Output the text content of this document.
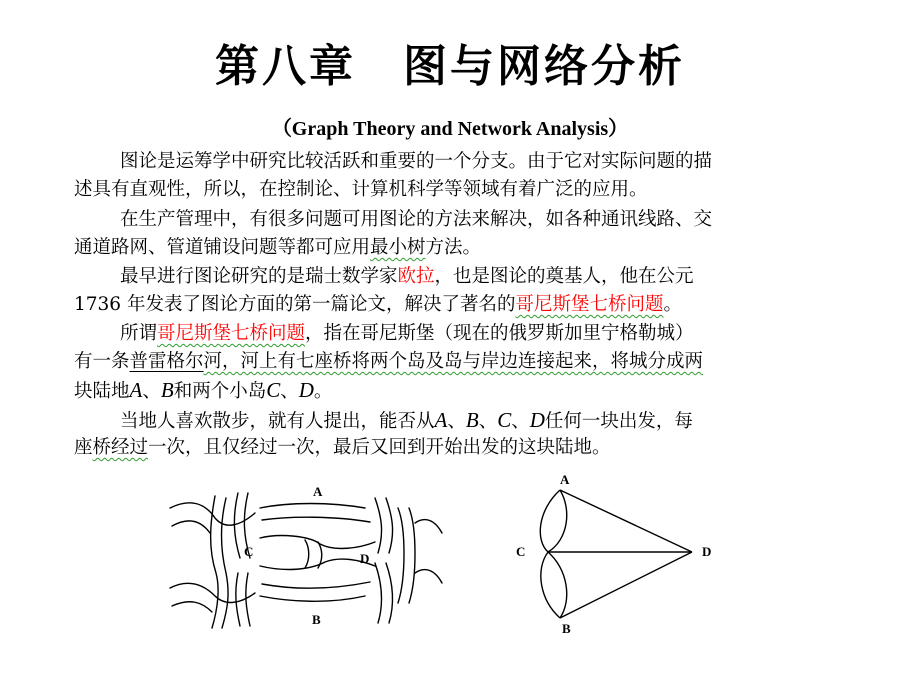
第八章　图与网络分析
（Graph Theory and Network Analysis）
图论是运筹学中研究比较活跃和重要的一个分支。由于它对实际问题的描
述具有直观性，所以，在控制论、计算机科学等领域有着广泛的应用。
在生产管理中，有很多问题可用图论的方法来解决，如各种通讯线路、交
通道路网、管道铺设问题等都可应用最小树方法。
最早进行图论研究的是瑞士数学家欧拉，也是图论的奠基人，他在公元
1736 年发表了图论方面的第一篇论文，解决了著名的哥尼斯堡七桥问题。
所谓哥尼斯堡七桥问题，指在哥尼斯堡（现在的俄罗斯加里宁格勒城）
有一条普雷格尔河，河上有七座桥将两个岛及岛与岸边连接起来，将城分成两
块陆地A、B和两个小岛C、D。
当地人喜欢散步，就有人提出，能否从A、B、C、D任何一块出发，每
座桥经过一次，且仅经过一次，最后又回到开始出发的这块陆地。
A
C	D
B
A
C	D
B
